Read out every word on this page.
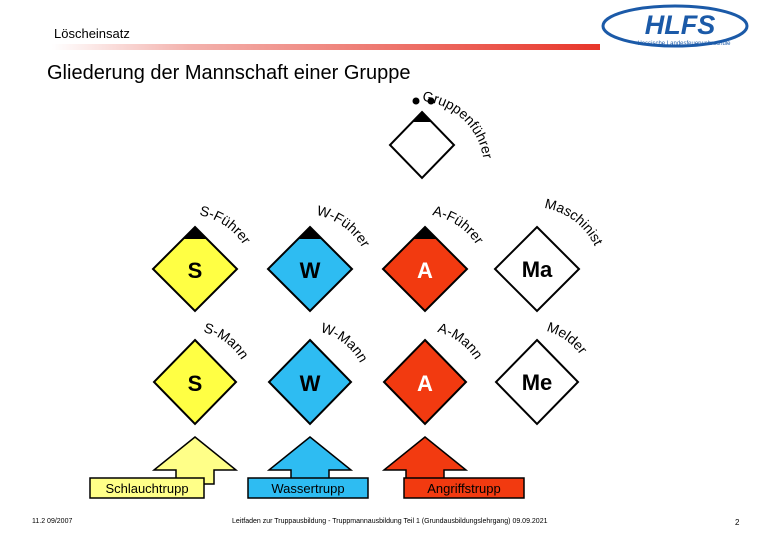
Löscheinsatz	HLFS
Hessische Landesfeuerwehrschule
Gliederung der Mannschaft einer Gruppe
Gruppenführer
S
S-Führer
W
W-Führer
A
A-Führer
Ma
Maschinist
S
S-Mann
W
W-Mann
A
A-Mann
Me
Melder
Schlauchtrupp	Wassertrupp	Angriffstrupp
11.2 09/2007	Leitfaden zur Truppausbildung - Truppmannausbildung Teil 1 (Grundausbildungslehrgang) 09.09.2021	2
